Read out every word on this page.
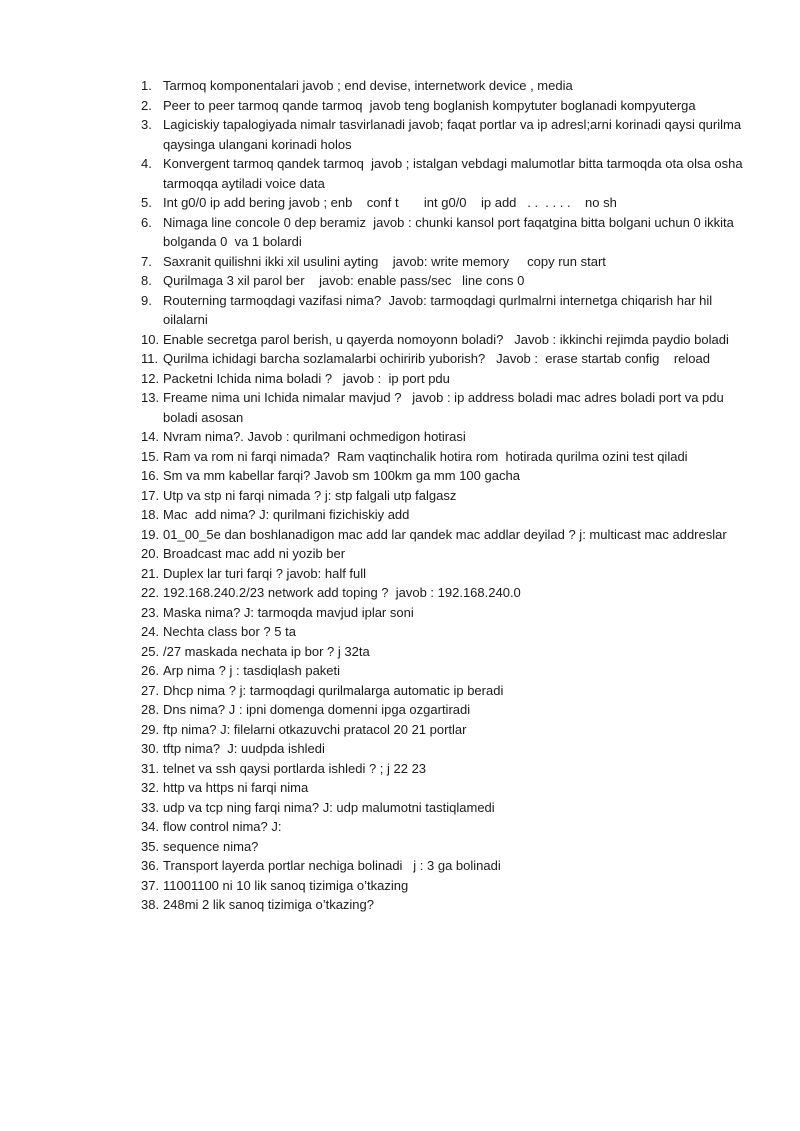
1. Tarmoq komponentalari javob ; end devise, internetwork device , media
2. Peer to peer tarmoq qande tarmoq  javob teng boglanish kompytuter boglanadi kompyuterga
3. Lagiciskiy tapalogiyada nimalr tasvirlanadi javob; faqat portlar va ip adresl;arni korinadi qaysi qurilma qaysinga ulangani korinadi holos
4. Konvergent tarmoq qandek tarmoq  javob ; istalgan vebdagi malumotlar bitta tarmoqda ota olsa osha tarmoqqa aytiladi voice data
5. Int g0/0 ip add bering javob ; enb    conf t       int g0/0    ip add   . .  . . . .    no sh
6. Nimaga line concole 0 dep beramiz  javob : chunki kansol port faqatgina bitta bolgani uchun 0 ikkita bolganda 0  va 1 bolardi
7. Saxranit quilishni ikki xil usulini ayting    javob: write memory     copy run start
8. Qurilmaga 3 xil parol ber    javob: enable pass/sec   line cons 0
9. Routerning tarmoqdagi vazifasi nima?  Javob: tarmoqdagi qurlmalrni internetga chiqarish har hil oilalarni
10. Enable secretga parol berish, u qayerda nomoyonn boladi?   Javob : ikkinchi rejimda paydio boladi
11. Qurilma ichidagi barcha sozlamalarbi ochiririb yuborish?   Javob :  erase startab config    reload
12. Packetni Ichida nima boladi ?   javob :  ip port pdu
13. Freame nima uni Ichida nimalar mavjud ?   javob : ip address boladi mac adres boladi port va pdu boladi asosan
14. Nvram nima?. Javob : qurilmani ochmedigon hotirasi
15. Ram va rom ni farqi nimada?  Ram vaqtinchalik hotira rom  hotirada qurilma ozini test qiladi
16. Sm va mm kabellar farqi? Javob sm 100km ga mm 100 gacha
17. Utp va stp ni farqi nimada ? j: stp falgali utp falgasz
18. Mac  add nima? J: qurilmani fizichiskiy add
19. 01_00_5e dan boshlanadigon mac add lar qandek mac addlar deyilad ? j: multicast mac addreslar
20. Broadcast mac add ni yozib ber
21. Duplex lar turi farqi ? javob: half full
22. 192.168.240.2/23 network add toping ?  javob : 192.168.240.0
23. Maska nima? J: tarmoqda mavjud iplar soni
24. Nechta class bor ? 5 ta
25. /27 maskada nechata ip bor ? j 32ta
26. Arp nima ? j : tasdiqlash paketi
27. Dhcp nima ? j: tarmoqdagi qurilmalarga automatic ip beradi
28. Dns nima? J : ipni domenga domenni ipga ozgartiradi
29. ftp nima? J: filelarni otkazuvchi pratacol 20 21 portlar
30. tftp nima?  J: uudpda ishledi
31. telnet va ssh qaysi portlarda ishledi ? ; j 22 23
32. http va https ni farqi nima
33. udp va tcp ning farqi nima? J: udp malumotni tastiqlamedi
34. flow control nima? J:
35. sequence nima?
36. Transport layerda portlar nechiga bolinadi   j : 3 ga bolinadi
37. 11001100 ni 10 lik sanoq tizimiga o’tkazing
38. 248mi 2 lik sanoq tizimiga o’tkazing?
